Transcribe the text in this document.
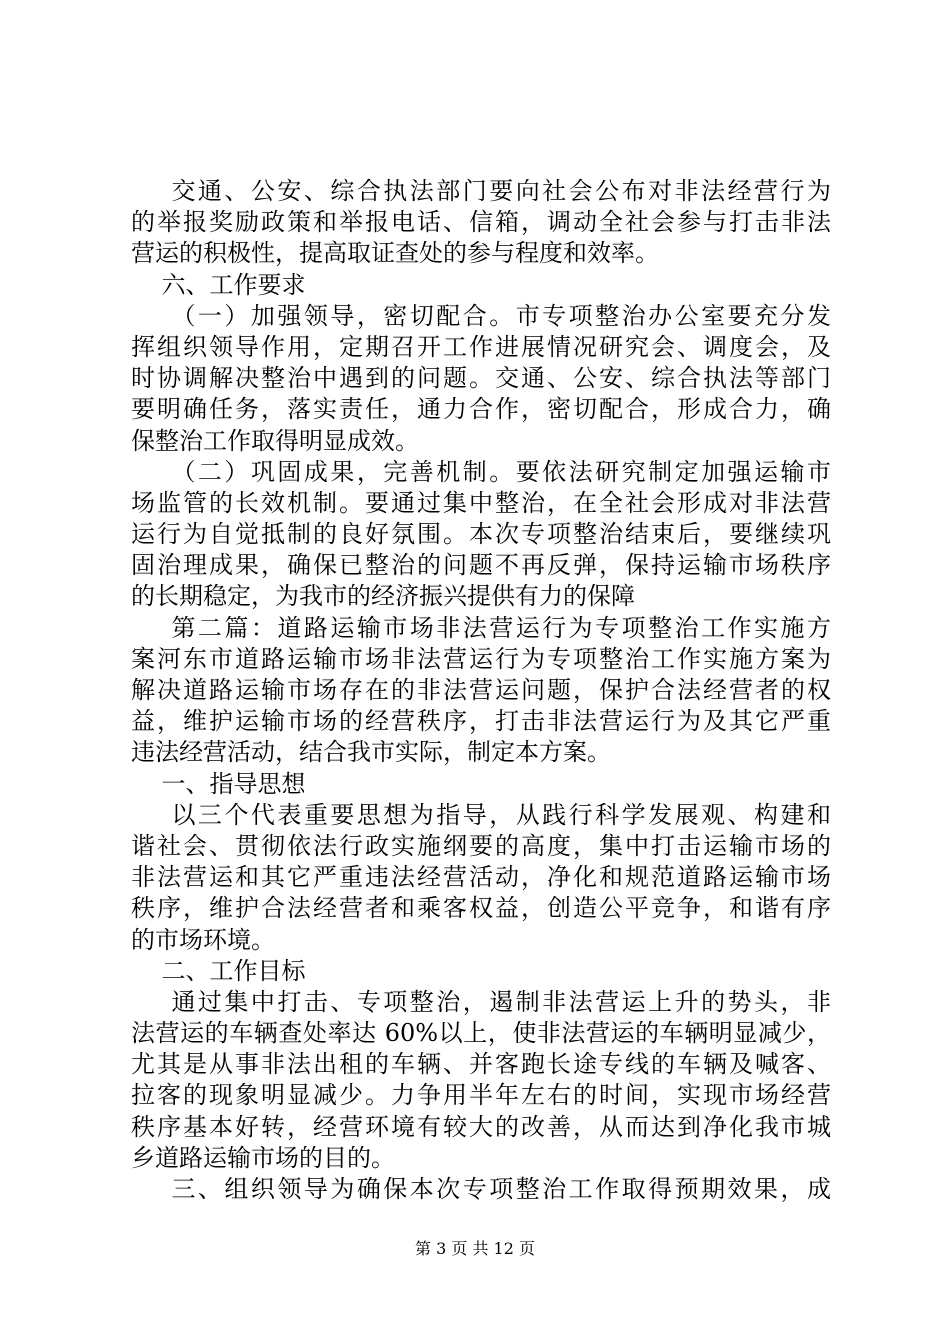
交通、公安、综合执法部门要向社会公布对非法经营行为
的举报奖励政策和举报电话、信箱，调动全社会参与打击非法
营运的积极性，提高取证查处的参与程度和效率。
六、工作要求
（一）加强领导，密切配合。市专项整治办公室要充分发
挥组织领导作用，定期召开工作进展情况研究会、调度会，及
时协调解决整治中遇到的问题。交通、公安、综合执法等部门
要明确任务，落实责任，通力合作，密切配合，形成合力，确
保整治工作取得明显成效。
（二）巩固成果，完善机制。要依法研究制定加强运输市
场监管的长效机制。要通过集中整治，在全社会形成对非法营
运行为自觉抵制的良好氛围。本次专项整治结束后，要继续巩
固治理成果，确保已整治的问题不再反弹，保持运输市场秩序
的长期稳定，为我市的经济振兴提供有力的保障
第二篇：道路运输市场非法营运行为专项整治工作实施方
案河东市道路运输市场非法营运行为专项整治工作实施方案为
解决道路运输市场存在的非法营运问题，保护合法经营者的权
益，维护运输市场的经营秩序，打击非法营运行为及其它严重
违法经营活动，结合我市实际，制定本方案。
一、指导思想
以三个代表重要思想为指导，从践行科学发展观、构建和
谐社会、贯彻依法行政实施纲要的高度，集中打击运输市场的
非法营运和其它严重违法经营活动，净化和规范道路运输市场
秩序，维护合法经营者和乘客权益，创造公平竞争，和谐有序
的市场环境。
二、工作目标
通过集中打击、专项整治，遏制非法营运上升的势头，非
法营运的车辆查处率达 60%以上，使非法营运的车辆明显减少，
尤其是从事非法出租的车辆、并客跑长途专线的车辆及喊客、
拉客的现象明显减少。力争用半年左右的时间，实现市场经营
秩序基本好转，经营环境有较大的改善，从而达到净化我市城
乡道路运输市场的目的。
三、组织领导为确保本次专项整治工作取得预期效果，成
第 3 页 共 12 页
